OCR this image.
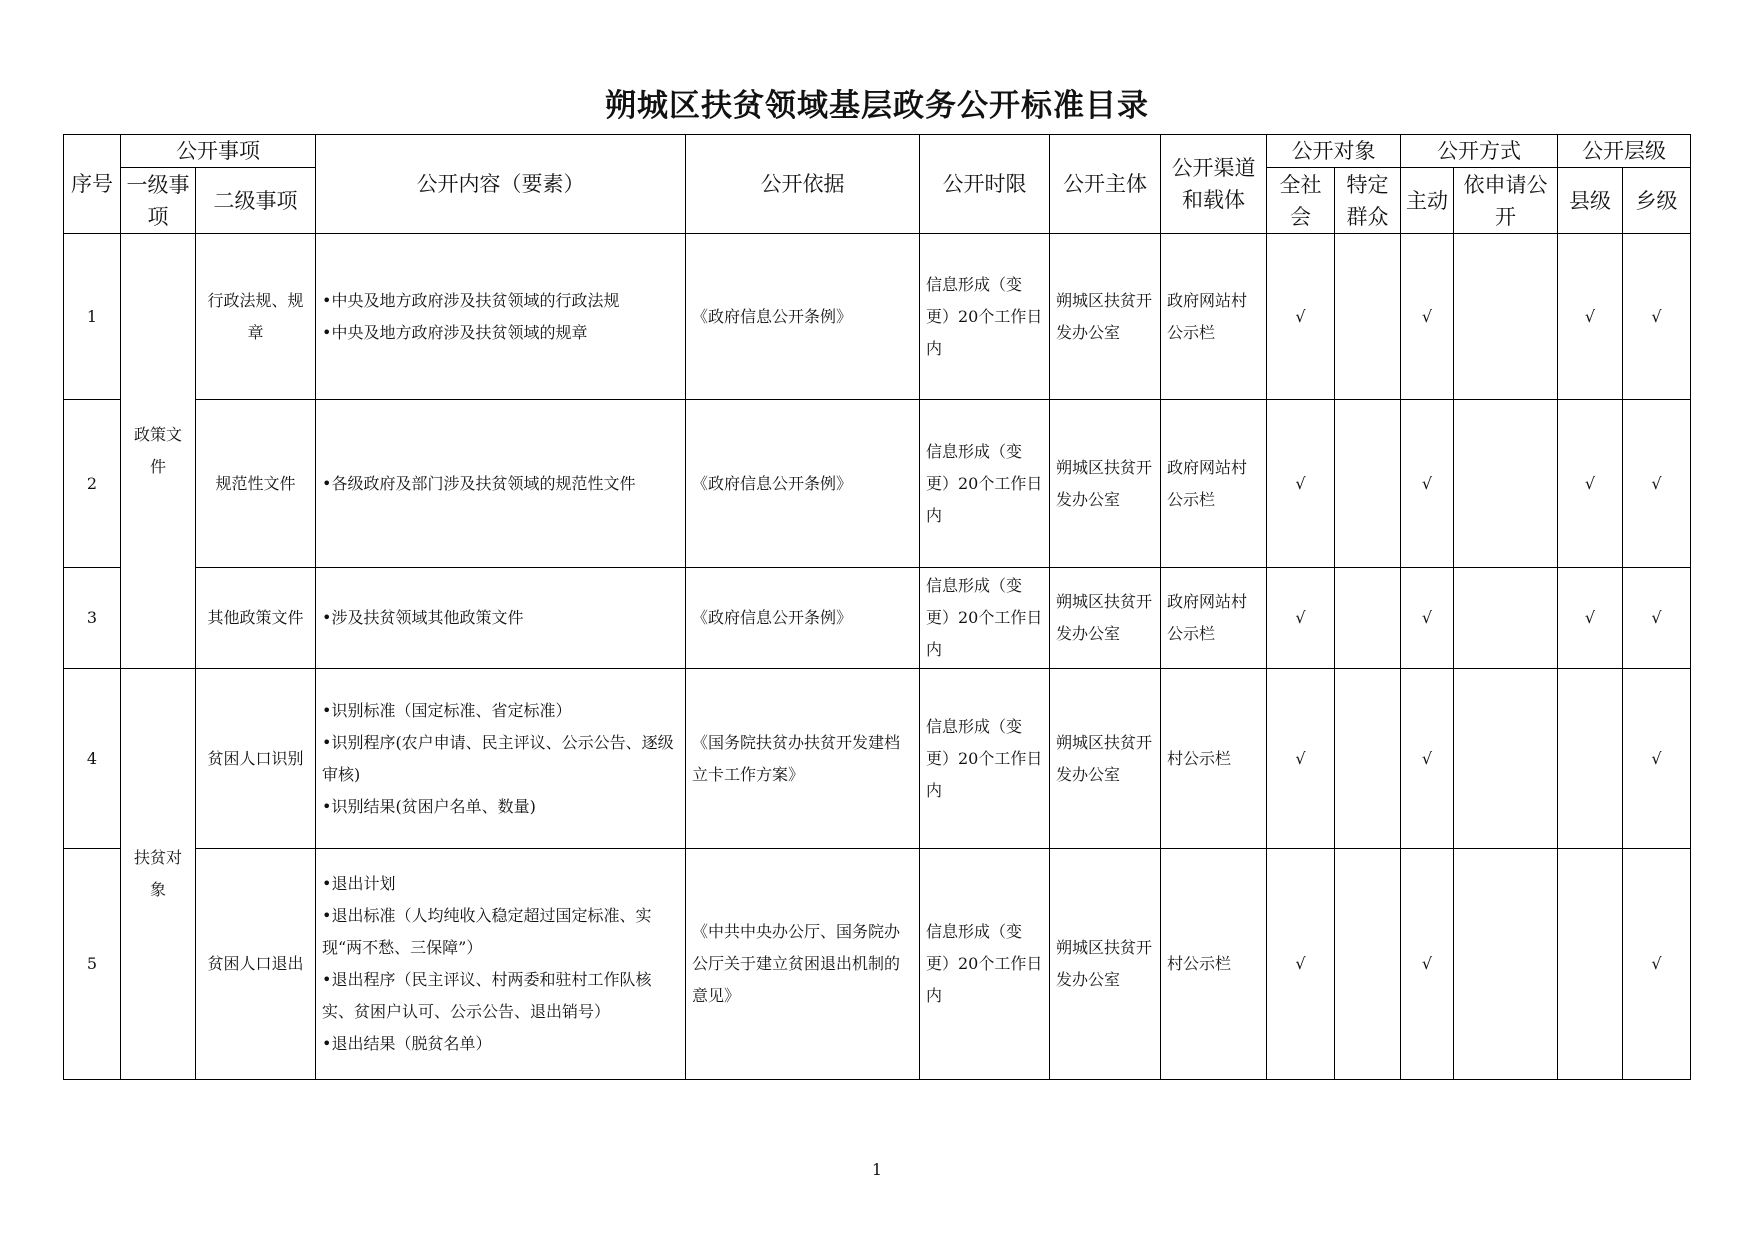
朔城区扶贫领域基层政务公开标准目录
序号	公开事项		公开内容（要素）	公开依据	公开时限	公开主体	公开渠道和载体	公开对象		公开方式		公开层级	
	一级事项	二级事项						全社会	特定群众	主动	依申请公开	县级	乡级
1	政策文件	行政法规、规章	•中央及地方政府涉及扶贫领域的行政法规
•中央及地方政府涉及扶贫领域的规章	《政府信息公开条例》	信息形成（变更）20个工作日内	朔城区扶贫开发办公室	政府网站村公示栏	√		√		√	√
2		规范性文件	•各级政府及部门涉及扶贫领域的规范性文件	《政府信息公开条例》	信息形成（变更）20个工作日内	朔城区扶贫开发办公室	政府网站村公示栏	√		√		√	√
3		其他政策文件	•涉及扶贫领域其他政策文件	《政府信息公开条例》	信息形成（变更）20个工作日内	朔城区扶贫开发办公室	政府网站村公示栏	√		√		√	√
4	扶贫对象	贫困人口识别	•识别标准（国定标准、省定标准）
•识别程序(农户申请、民主评议、公示公告、逐级审核)
•识别结果(贫困户名单、数量)	《国务院扶贫办扶贫开发建档立卡工作方案》	信息形成（变更）20个工作日内	朔城区扶贫开发办公室	村公示栏	√		√			√
5		贫困人口退出	•退出计划
•退出标准（人均纯收入稳定超过国定标准、实现“两不愁、三保障”）
•退出程序（民主评议、村两委和驻村工作队核实、贫困户认可、公示公告、退出销号）
•退出结果（脱贫名单）	《中共中央办公厅、国务院办公厅关于建立贫困退出机制的意见》	信息形成（变更）20个工作日内	朔城区扶贫开发办公室	村公示栏	√		√			√
1
